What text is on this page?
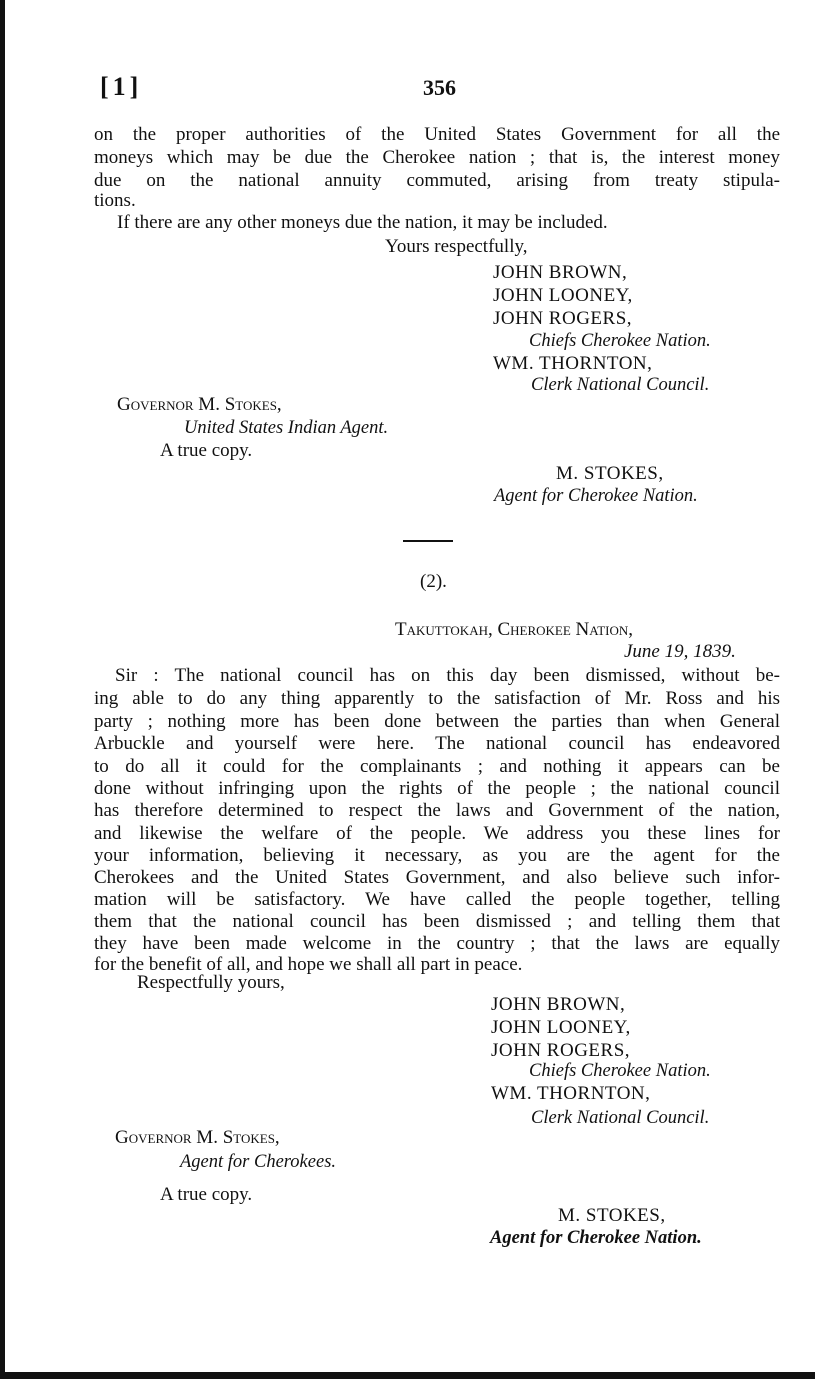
[1]	356
on the proper authorities of the United States Government for all the
moneys which may be due the Cherokee nation ; that is, the interest money
due on the national annuity commuted, arising from treaty stipula-
tions.
If there are any other moneys due the nation, it may be included.
Yours respectfully,
JOHN BROWN,
JOHN LOONEY,
JOHN ROGERS,
Chiefs Cherokee Nation.
WM. THORNTON,
Clerk National Council.
Governor M. Stokes,
United States Indian Agent.
A true copy.
M. STOKES,
Agent for Cherokee Nation.
(2).
Takuttokah, Cherokee Nation,
June 19, 1839.
Sir : The national council has on this day been dismissed, without be-
ing able to do any thing apparently to the satisfaction of Mr. Ross and his
party ; nothing more has been done between the parties than when General
Arbuckle and yourself were here. The national council has endeavored
to do all it could for the complainants ; and nothing it appears can be
done without infringing upon the rights of the people ; the national council
has therefore determined to respect the laws and Government of the nation,
and likewise the welfare of the people. We address you these lines for
your information, believing it necessary, as you are the agent for the
Cherokees and the United States Government, and also believe such infor-
mation will be satisfactory. We have called the people together, telling
them that the national council has been dismissed ; and telling them that
they have been made welcome in the country ; that the laws are equally
for the benefit of all, and hope we shall all part in peace.
Respectfully yours,
JOHN BROWN,
JOHN LOONEY,
JOHN ROGERS,
Chiefs Cherokee Nation.
WM. THORNTON,
Clerk National Council.
Governor M. Stokes,
Agent for Cherokees.
A true copy.
M. STOKES,
Agent for Cherokee Nation.
